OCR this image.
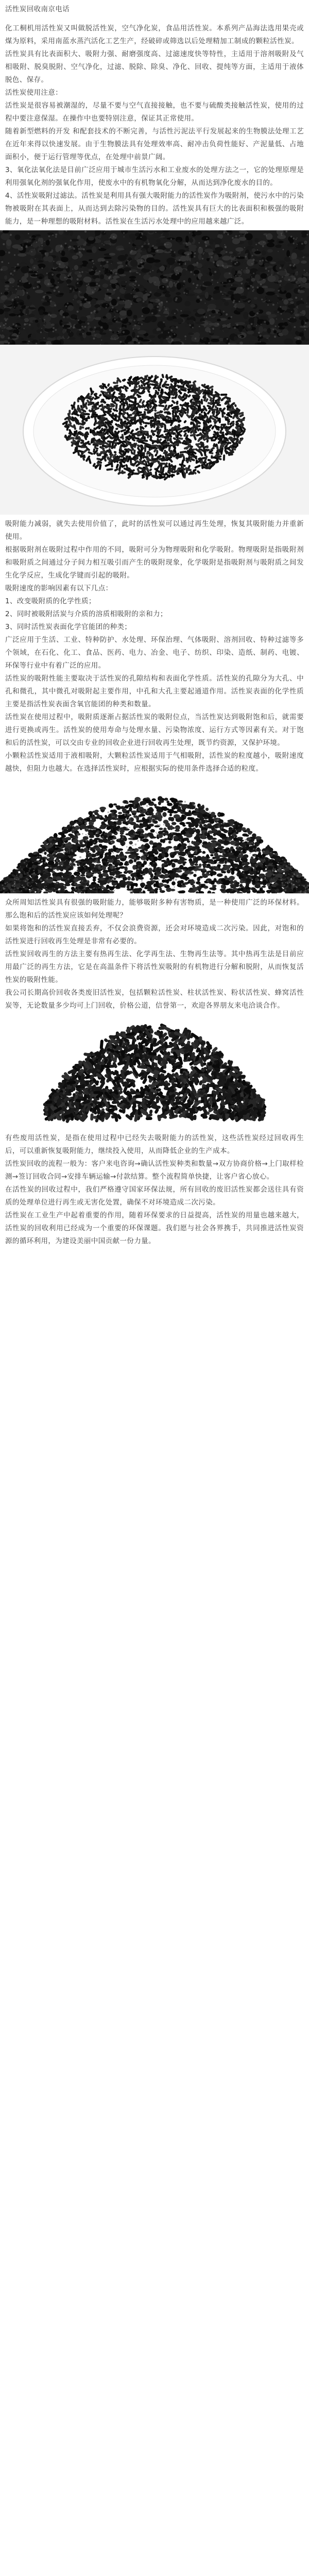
活性炭回收南京电话

化工桐机用活性炭又叫做脱活性炭，空气净化炭，食品用活性炭。本系列产品海法选用果壳或煤为原料，采用南蓝水蒸汽活化工艺生产，经破碎或筛选以后处理精加工制成的颗粒活性炭。

活性炭具有比表面积大、吸附力强、耐磨强度高、过滤速度快等特性，主适用于溶剂吸附及气相吸附、脱臭脱附、空气净化，过滤、脱除、除臭、净化、回收、提纯等方面，主适用于液体脱色、保存。

活性炭使用注意：

活性炭是很容易被潮湿的，尽量不要与空气直接接触，也不要与硫酸类接触活性炭，使用的过程中要注意保湿。在操作中也要特别注意，保证其正常使用。

随着新型燃料的开发 和配套技术的不断完善，与活性污泥法平行发展起来的生物膜法处理工艺在近年来得以快速发展。由于生物膜法具有处理效率高、耐冲击负荷性能好、产泥量低、占地面积小，便于运行管理等优点，在处理中前景广阔。

3、氧化法氧化法是目前广泛应用于城市生活污水和工业废水的处理方法之一，它的处理原理是利用强氧化剂的强氧化作用，使废水中的有机物氧化分解，从而达到净化废水的目的。

4、活性炭吸附过滤法。活性炭是利用具有强大吸附能力的活性炭作为吸附剂，使污水中的污染物被吸附在其表面上，从而达到去除污染物的目的。活性炭具有巨大的比表面积和极强的吸附能力，是一种理想的吸附材料。活性炭在生活污水处理中的应用越来越广泛。

吸附能力减弱，就失去使用价值了，此时的活性炭可以通过再生处理，恢复其吸附能力并重新使用。

根据吸附剂在吸附过程中作用的不同，吸附可分为物理吸附和化学吸附。物理吸附是指吸附剂和吸附质之间通过分子间力相互吸引而产生的吸附现象，化学吸附是指吸附剂与吸附质之间发生化学反应，生成化学键而引起的吸附。

吸附速度的影响因素有以下几点：

1、改变吸附质的化学性质；

2、同时被吸附活炭与介质的溶质相吸附的亲和力；

3、同时活性炭表面化学官能团的种类；

广泛应用于生活、工业、特种防护、水处理、环保治理、气体吸附、溶剂回收、特种过滤等多个领域，在石化、化工、食品、医药、电力、冶金、电子、纺织、印染、造纸、制药、电镀、环保等行业中有着广泛的应用。

活性炭的吸附性能主要取决于活性炭的孔隙结构和表面化学性质。活性炭的孔隙分为大孔、中孔和微孔，其中微孔对吸附起主要作用，中孔和大孔主要起通道作用。活性炭表面的化学性质主要是指活性炭表面含氧官能团的种类和数量。

活性炭在使用过程中，吸附质逐渐占据活性炭的吸附位点，当活性炭达到吸附饱和后，就需要进行更换或再生。活性炭的使用寿命与处理水量、污染物浓度、运行方式等因素有关。对于饱和后的活性炭，可以交由专业的回收企业进行回收再生处理，既节约资源，又保护环境。

小颗粒活性炭适用于液相吸附，大颗粒活性炭适用于气相吸附，活性炭的粒度越小，吸附速度越快，但阻力也越大。在选择活性炭时，应根据实际的使用条件选择合适的粒度。

众所周知活性炭具有很强的吸附能力，能够吸附多种有害物质，是一种使用广泛的环保材料。那么饱和后的活性炭应该如何处理呢？

如果将饱和的活性炭直接丢弃，不仅会浪费资源，还会对环境造成二次污染。因此，对饱和的活性炭进行回收再生处理是非常有必要的。

活性炭回收再生的方法主要有热再生法、化学再生法、生物再生法等。其中热再生法是目前应用最广泛的再生方法，它是在高温条件下将活性炭吸附的有机物进行分解和脱附，从而恢复活性炭的吸附性能。

我公司长期高价回收各类废旧活性炭，包括颗粒活性炭、柱状活性炭、粉状活性炭、蜂窝活性炭等，无论数量多少均可上门回收，价格公道，信誉第一，欢迎各界朋友来电洽谈合作。

有些废用活性炭，是指在使用过程中已经失去吸附能力的活性炭，这些活性炭经过回收再生后，可以重新恢复吸附能力，继续投入使用，从而降低企业的生产成本。

活性炭回收的流程一般为：客户来电咨询→确认活性炭种类和数量→双方协商价格→上门取样检测→签订回收合同→安排车辆运输→付款结算。整个流程简单快捷，让客户省心放心。

在活性炭的回收过程中，我们严格遵守国家环保法规，所有回收的废旧活性炭都会送往具有资质的处理单位进行再生或无害化处置，确保不对环境造成二次污染。

活性炭在工业生产中起着重要的作用，随着环保要求的日益提高，活性炭的用量也越来越大，活性炭的回收利用已经成为一个重要的环保课题。我们愿与社会各界携手，共同推进活性炭资源的循环利用，为建设美丽中国贡献一份力量。
